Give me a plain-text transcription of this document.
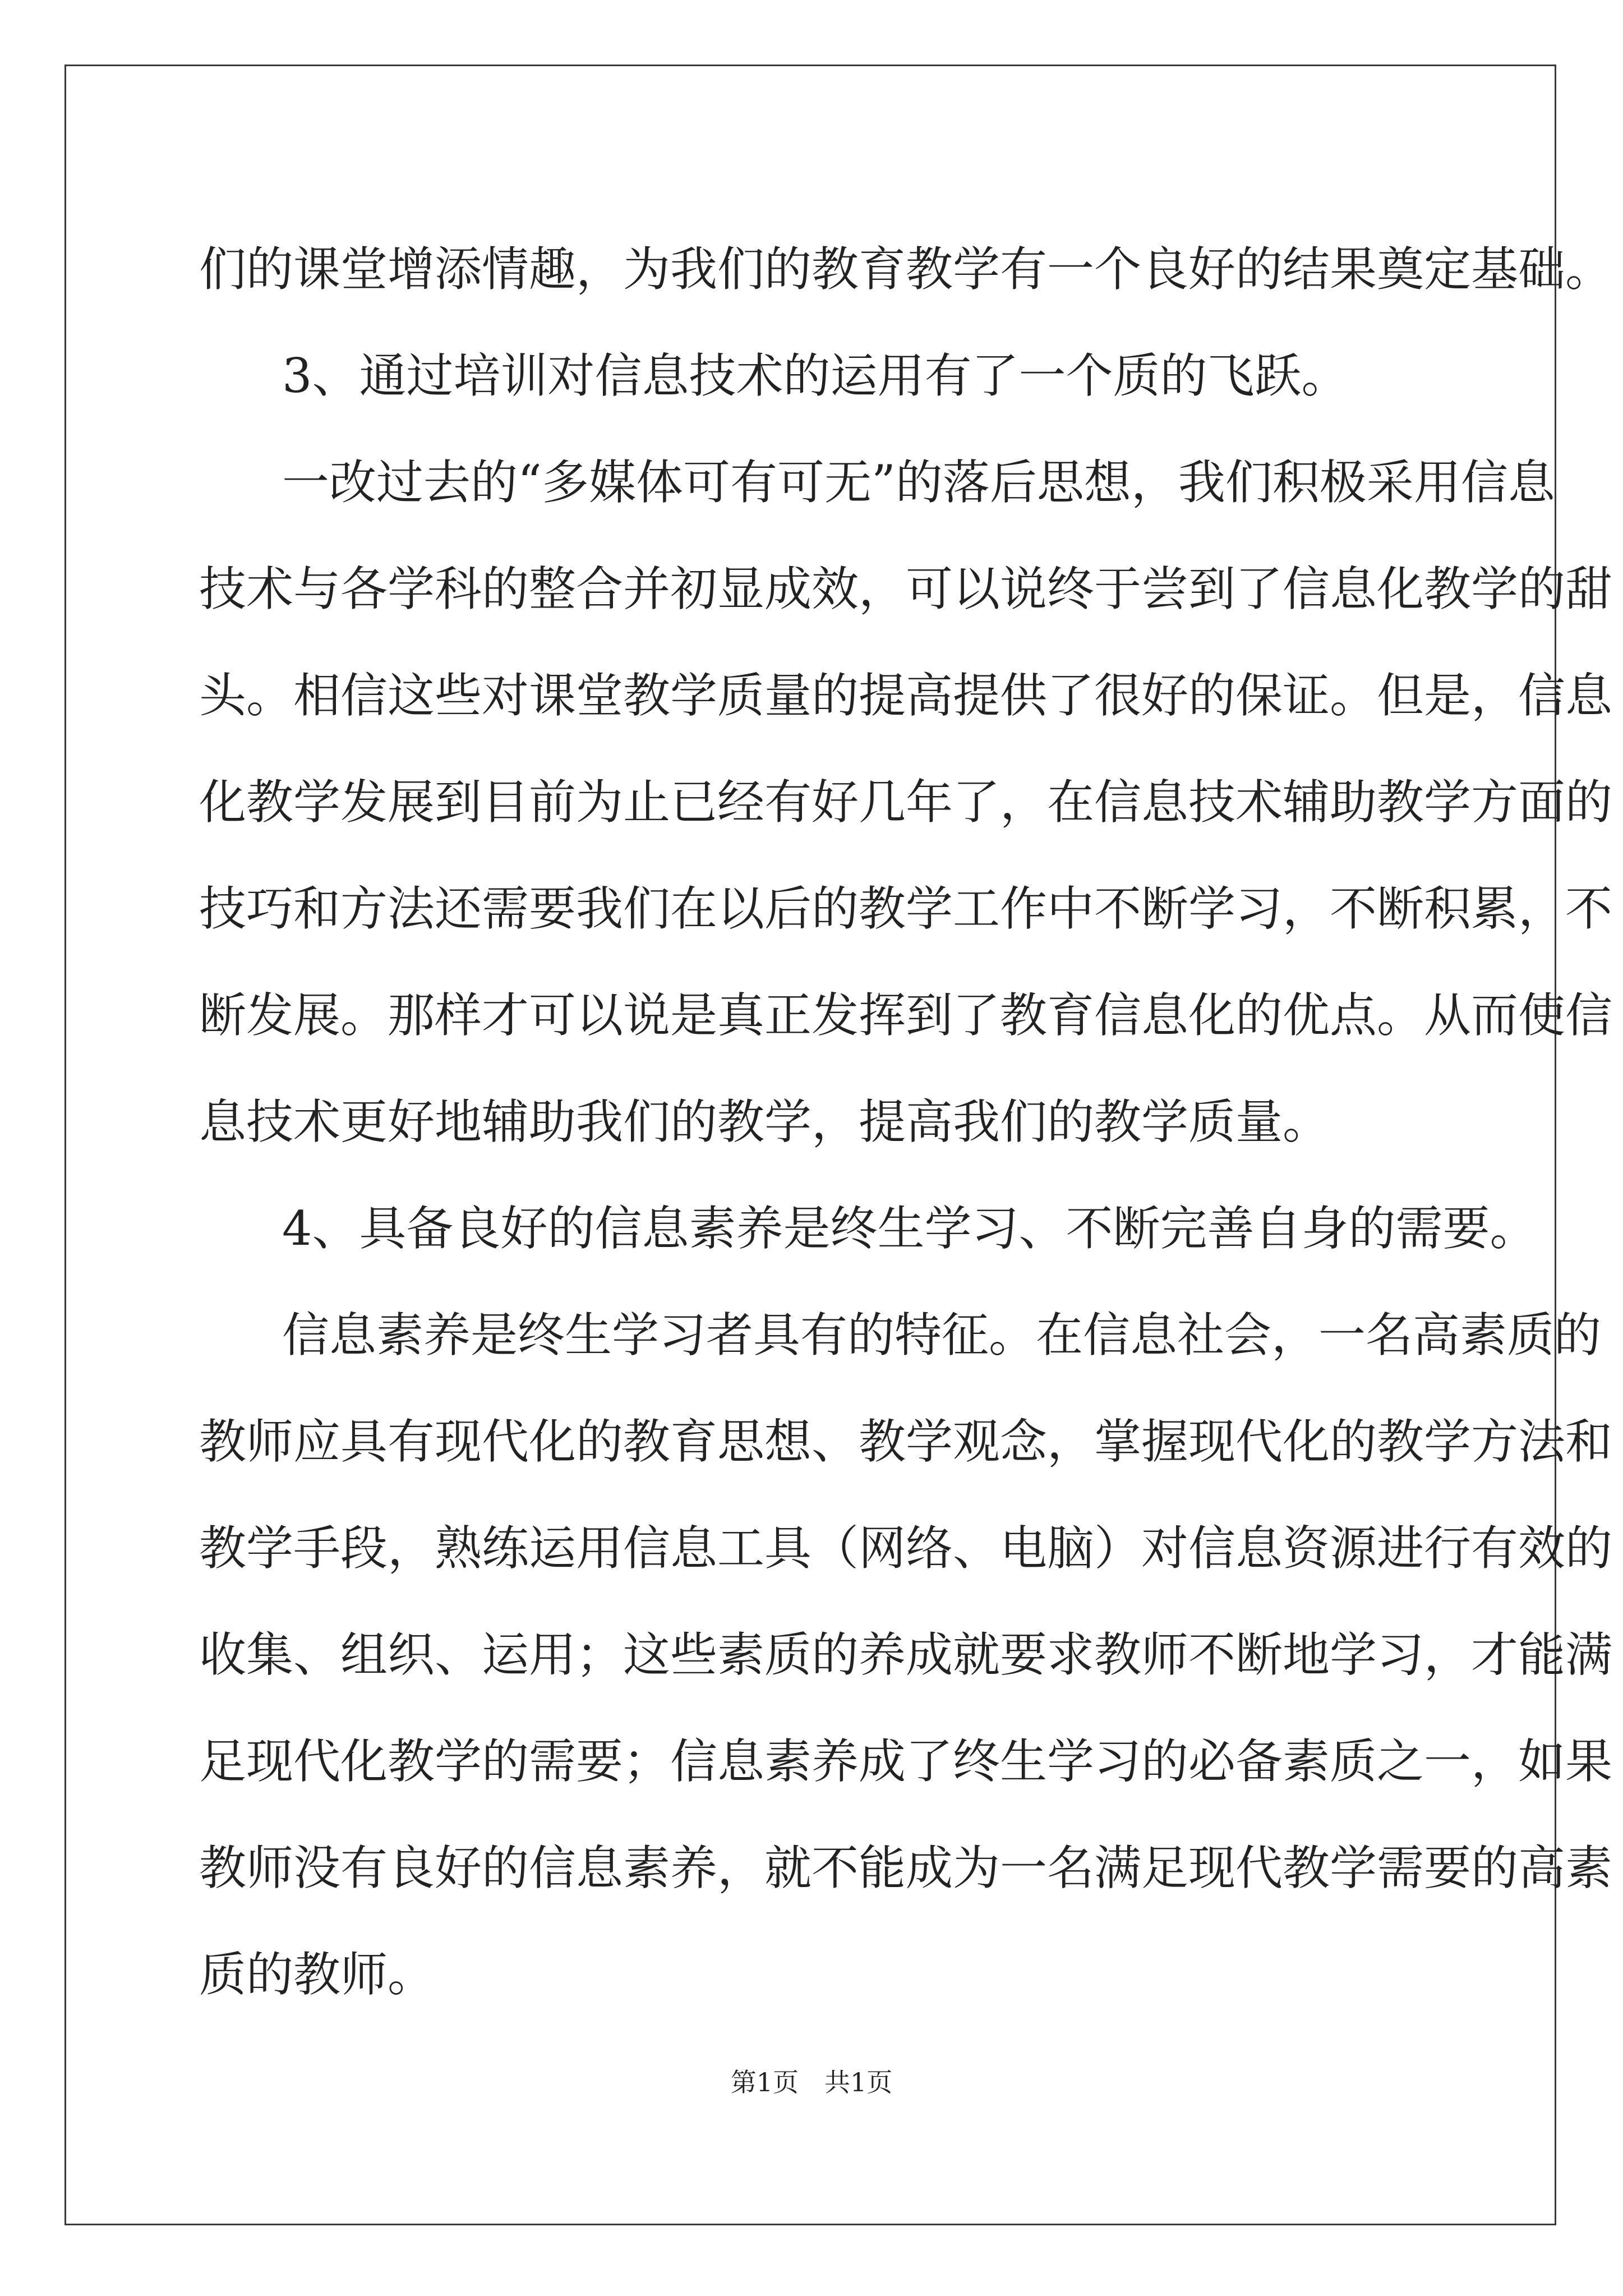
们的课堂增添情趣，为我们的教育教学有一个良好的结果奠定基础。
3、通过培训对信息技术的运用有了一个质的飞跃。
一改过去的“多媒体可有可无”的落后思想，我们积极采用信息
技术与各学科的整合并初显成效，可以说终于尝到了信息化教学的甜
头。相信这些对课堂教学质量的提高提供了很好的保证。但是，信息
化教学发展到目前为止已经有好几年了，在信息技术辅助教学方面的
技巧和方法还需要我们在以后的教学工作中不断学习，不断积累，不
断发展。那样才可以说是真正发挥到了教育信息化的优点。从而使信
息技术更好地辅助我们的教学，提高我们的教学质量。
4、具备良好的信息素养是终生学习、不断完善自身的需要。
信息素养是终生学习者具有的特征。在信息社会，一名高素质的
教师应具有现代化的教育思想、教学观念，掌握现代化的教学方法和
教学手段，熟练运用信息工具（网络、电脑）对信息资源进行有效的
收集、组织、运用；这些素质的养成就要求教师不断地学习，才能满
足现代化教学的需要；信息素养成了终生学习的必备素质之一，如果
教师没有良好的信息素养，就不能成为一名满足现代教学需要的高素
质的教师。
第1页　共1页
